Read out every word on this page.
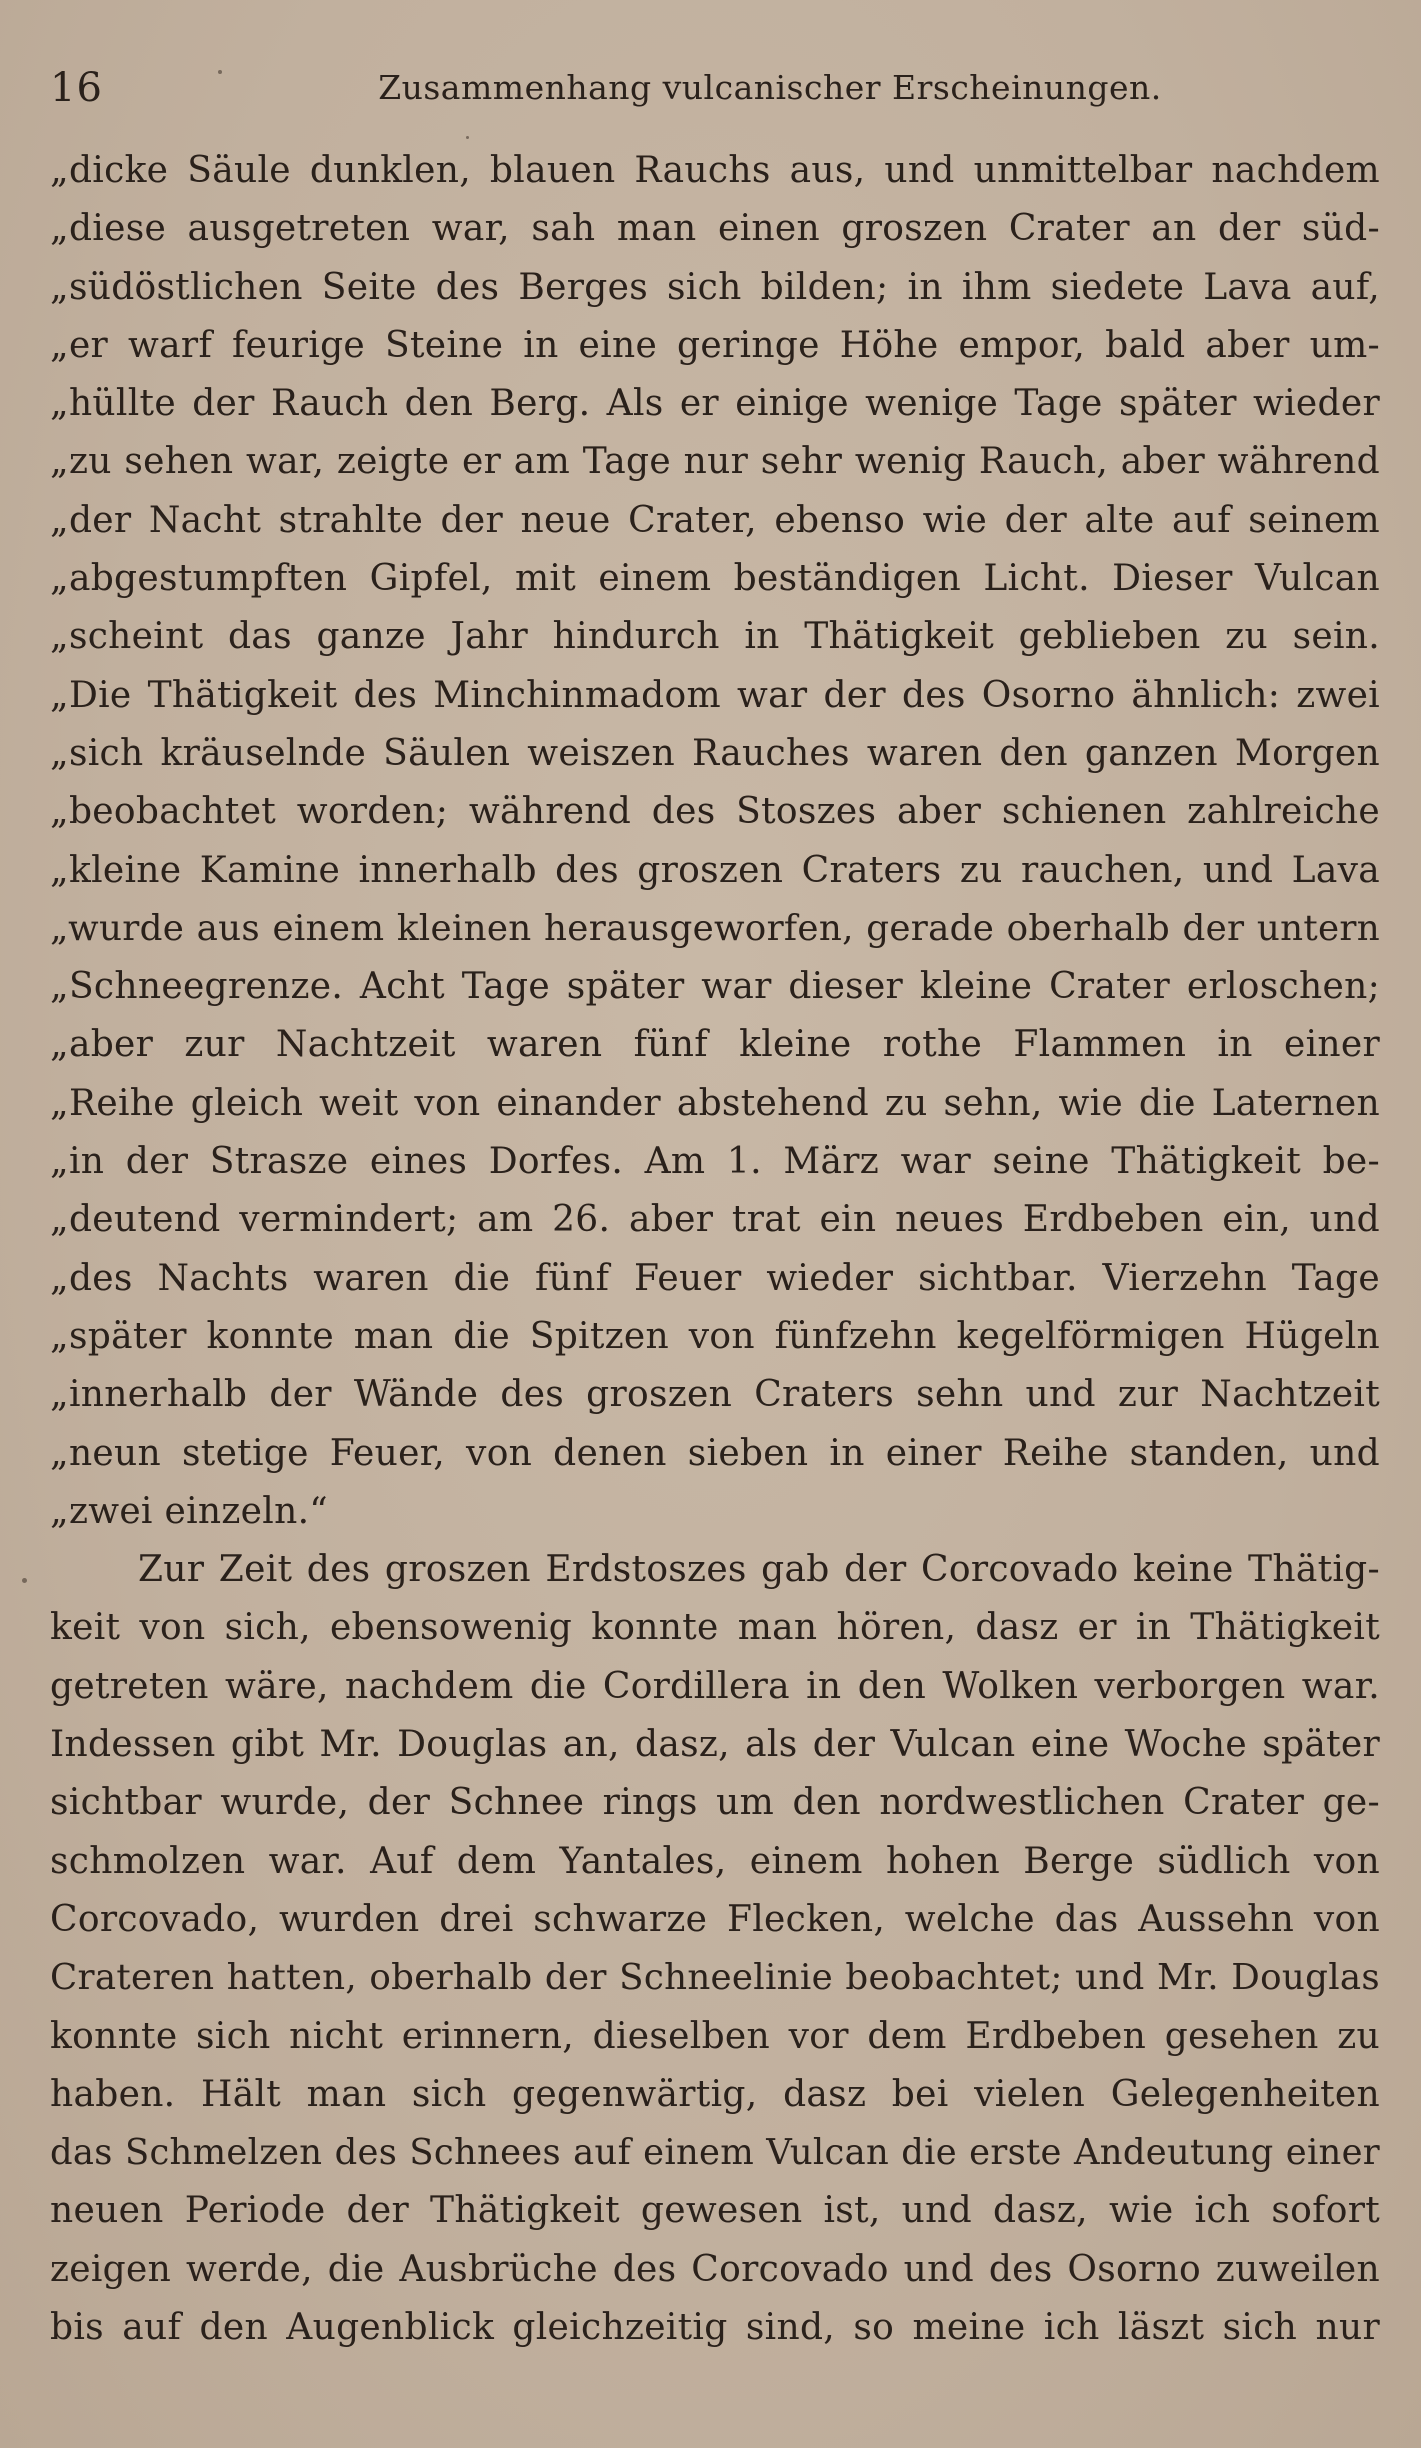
16	Zusammenhang vulcanischer Erscheinungen.
„dicke Säule dunklen, blauen Rauchs aus, und unmittelbar nachdem
„diese ausgetreten war, sah man einen groszen Crater an der süd-
„südöstlichen Seite des Berges sich bilden; in ihm siedete Lava auf,
„er warf feurige Steine in eine geringe Höhe empor, bald aber um-
„hüllte der Rauch den Berg. Als er einige wenige Tage später wieder
„zu sehen war, zeigte er am Tage nur sehr wenig Rauch, aber während
„der Nacht strahlte der neue Crater, ebenso wie der alte auf seinem
„abgestumpften Gipfel, mit einem beständigen Licht. Dieser Vulcan
„scheint das ganze Jahr hindurch in Thätigkeit geblieben zu sein.
„Die Thätigkeit des Minchinmadom war der des Osorno ähnlich: zwei
„sich kräuselnde Säulen weiszen Rauches waren den ganzen Morgen
„beobachtet worden; während des Stoszes aber schienen zahlreiche
„kleine Kamine innerhalb des groszen Craters zu rauchen, und Lava
„wurde aus einem kleinen herausgeworfen, gerade oberhalb der untern
„Schneegrenze. Acht Tage später war dieser kleine Crater erloschen;
„aber zur Nachtzeit waren fünf kleine rothe Flammen in einer
„Reihe gleich weit von einander abstehend zu sehn, wie die Laternen
„in der Strasze eines Dorfes. Am 1. März war seine Thätigkeit be-
„deutend vermindert; am 26. aber trat ein neues Erdbeben ein, und
„des Nachts waren die fünf Feuer wieder sichtbar. Vierzehn Tage
„später konnte man die Spitzen von fünfzehn kegelförmigen Hügeln
„innerhalb der Wände des groszen Craters sehn und zur Nachtzeit
„neun stetige Feuer, von denen sieben in einer Reihe standen, und
„zwei einzeln.“
Zur Zeit des groszen Erdstoszes gab der Corcovado keine Thätig-
keit von sich, ebensowenig konnte man hören, dasz er in Thätigkeit
getreten wäre, nachdem die Cordillera in den Wolken verborgen war.
Indessen gibt Mr. Douglas an, dasz, als der Vulcan eine Woche später
sichtbar wurde, der Schnee rings um den nordwestlichen Crater ge-
schmolzen war. Auf dem Yantales, einem hohen Berge südlich von
Corcovado, wurden drei schwarze Flecken, welche das Aussehn von
Crateren hatten, oberhalb der Schneelinie beobachtet; und Mr. Douglas
konnte sich nicht erinnern, dieselben vor dem Erdbeben gesehen zu
haben. Hält man sich gegenwärtig, dasz bei vielen Gelegenheiten
das Schmelzen des Schnees auf einem Vulcan die erste Andeutung einer
neuen Periode der Thätigkeit gewesen ist, und dasz, wie ich sofort
zeigen werde, die Ausbrüche des Corcovado und des Osorno zuweilen
bis auf den Augenblick gleichzeitig sind, so meine ich läszt sich nur
